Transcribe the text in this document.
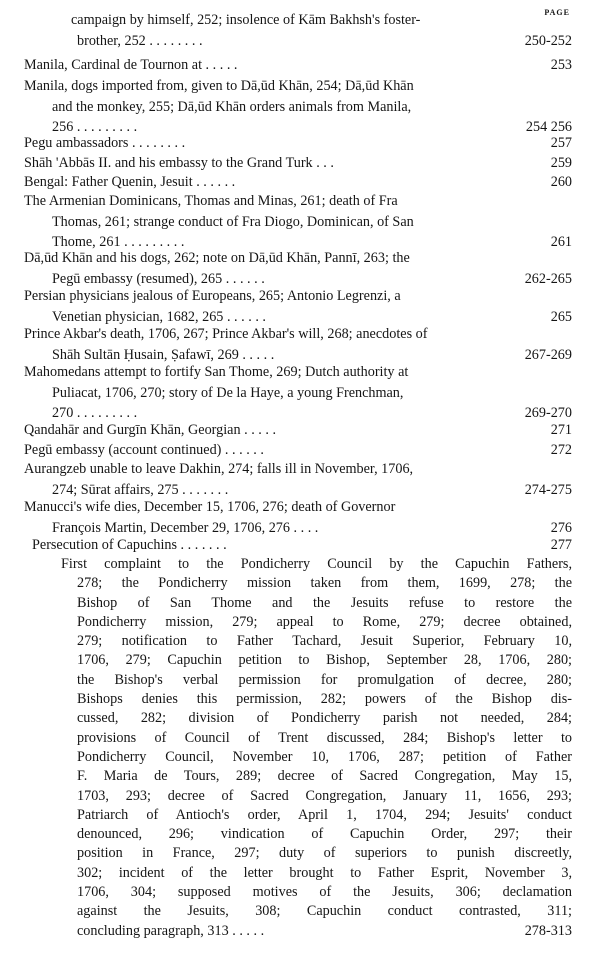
PAGE
campaign by himself, 252; insolence of Kām Bakhsh's foster-
brother, 252 . . . . . . . .	250-252
Manila, Cardinal de Tournon at . . . . .	253
Manila, dogs imported from, given to Dā,ūd Khān, 254; Dā,ūd Khān
and the monkey, 255; Dā,ūd Khān orders animals from Manila,
256 . . . . . . . . .	254 256
Pegu ambassadors . . . . . . . .	257
Shāh 'Abbās II. and his embassy to the Grand Turk . . .	259
Bengal: Father Quenin, Jesuit . . . . . .	260
The Armenian Dominicans, Thomas and Minas, 261; death of Fra
Thomas, 261; strange conduct of Fra Diogo, Dominican, of San
Thome, 261 . . . . . . . . .	261
Dā,ūd Khān and his dogs, 262; note on Dā,ūd Khān, Pannī, 263; the
Pegū embassy (resumed), 265 . . . . . .	262-265
Persian physicians jealous of Europeans, 265; Antonio Legrenzi, a
Venetian physician, 1682, 265 . . . . . .	265
Prince Akbar's death, 1706, 267; Prince Akbar's will, 268; anecdotes of
Shāh Sultān Ḥusain, Ṣafawī, 269 . . . . .	267-269
Mahomedans attempt to fortify San Thome, 269; Dutch authority at
Puliacat, 1706, 270; story of De la Haye, a young Frenchman,
270 . . . . . . . . .	269-270
Qandahār and Gurgīn Khān, Georgian . . . . .	271
Pegū embassy (account continued) . . . . . .	272
Aurangzeb unable to leave Dakhin, 274; falls ill in November, 1706,
274; Sūrat affairs, 275 . . . . . . .	274-275
Manucci's wife dies, December 15, 1706, 276; death of Governor
François Martin, December 29, 1706, 276 . . . .	276
Persecution of Capuchins . . . . . . .	277
First complaint to the Pondicherry Council by the Capuchin Fathers,
278; the Pondicherry mission taken from them, 1699, 278; the
Bishop of San Thome and the Jesuits refuse to restore the
Pondicherry mission, 279; appeal to Rome, 279; decree obtained,
279; notification to Father Tachard, Jesuit Superior, February 10,
1706, 279; Capuchin petition to Bishop, September 28, 1706, 280;
the Bishop's verbal permission for promulgation of decree, 280;
Bishops denies this permission, 282; powers of the Bishop dis-
cussed, 282; division of Pondicherry parish not needed, 284;
provisions of Council of Trent discussed, 284; Bishop's letter to
Pondicherry Council, November 10, 1706, 287; petition of Father
F. Maria de Tours, 289; decree of Sacred Congregation, May 15,
1703, 293; decree of Sacred Congregation, January 11, 1656, 293;
Patriarch of Antioch's order, April 1, 1704, 294; Jesuits' conduct
denounced, 296; vindication of Capuchin Order, 297; their
position in France, 297; duty of superiors to punish discreetly,
302; incident of the letter brought to Father Esprit, November 3,
1706, 304; supposed motives of the Jesuits, 306; declamation
against the Jesuits, 308; Capuchin conduct contrasted, 311;
concluding paragraph, 313 . . . . .	278-313
